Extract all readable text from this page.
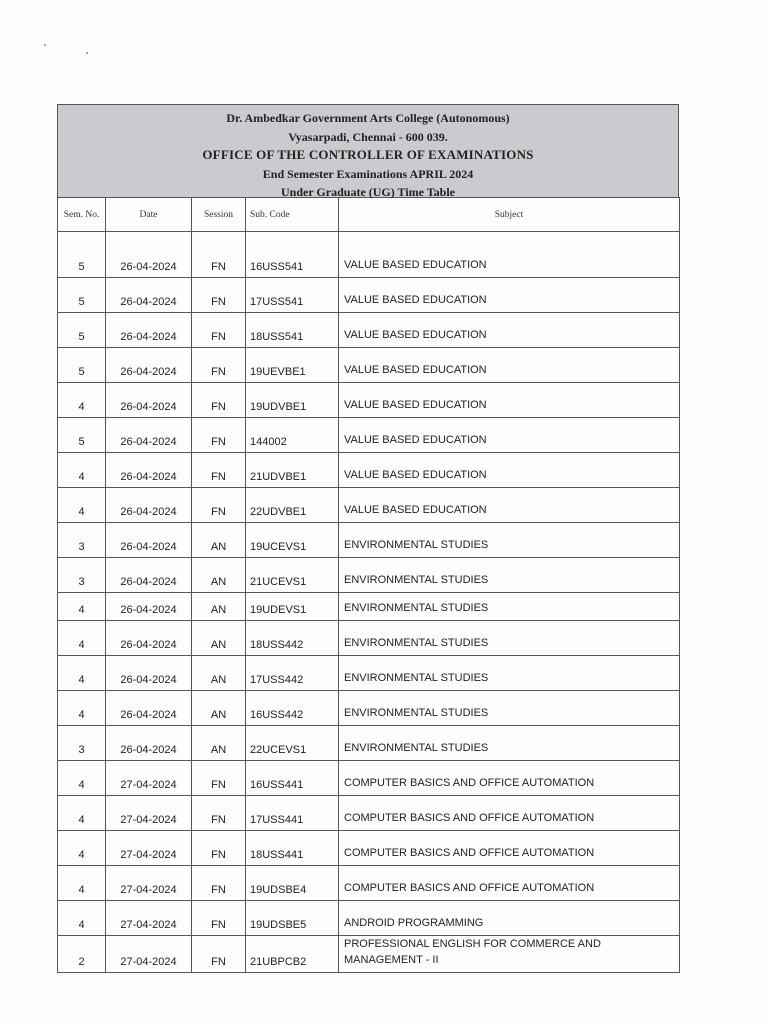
Dr. Ambedkar Government Arts College (Autonomous)
Vyasarpadi, Chennai - 600 039.
OFFICE OF THE CONTROLLER OF EXAMINATIONS
End Semester Examinations APRIL 2024
Under Graduate (UG) Time Table
Sem. No.	Date	Session	Sub. Code	Subject
5	26-04-2024	FN	16USS541	VALUE BASED EDUCATION
5	26-04-2024	FN	17USS541	VALUE BASED EDUCATION
5	26-04-2024	FN	18USS541	VALUE BASED EDUCATION
5	26-04-2024	FN	19UEVBE1	VALUE BASED EDUCATION
4	26-04-2024	FN	19UDVBE1	VALUE BASED EDUCATION
5	26-04-2024	FN	144002	VALUE BASED EDUCATION
4	26-04-2024	FN	21UDVBE1	VALUE BASED EDUCATION
4	26-04-2024	FN	22UDVBE1	VALUE BASED EDUCATION
3	26-04-2024	AN	19UCEVS1	ENVIRONMENTAL STUDIES
3	26-04-2024	AN	21UCEVS1	ENVIRONMENTAL STUDIES
4	26-04-2024	AN	19UDEVS1	ENVIRONMENTAL STUDIES
4	26-04-2024	AN	18USS442	ENVIRONMENTAL STUDIES
4	26-04-2024	AN	17USS442	ENVIRONMENTAL STUDIES
4	26-04-2024	AN	16USS442	ENVIRONMENTAL STUDIES
3	26-04-2024	AN	22UCEVS1	ENVIRONMENTAL STUDIES
4	27-04-2024	FN	16USS441	COMPUTER BASICS AND OFFICE AUTOMATION
4	27-04-2024	FN	17USS441	COMPUTER BASICS AND OFFICE AUTOMATION
4	27-04-2024	FN	18USS441	COMPUTER BASICS AND OFFICE AUTOMATION
4	27-04-2024	FN	19UDSBE4	COMPUTER BASICS AND OFFICE AUTOMATION
4	27-04-2024	FN	19UDSBE5	ANDROID PROGRAMMING
2	27-04-2024	FN	21UBPCB2	PROFESSIONAL ENGLISH FOR COMMERCE AND MANAGEMENT - II
